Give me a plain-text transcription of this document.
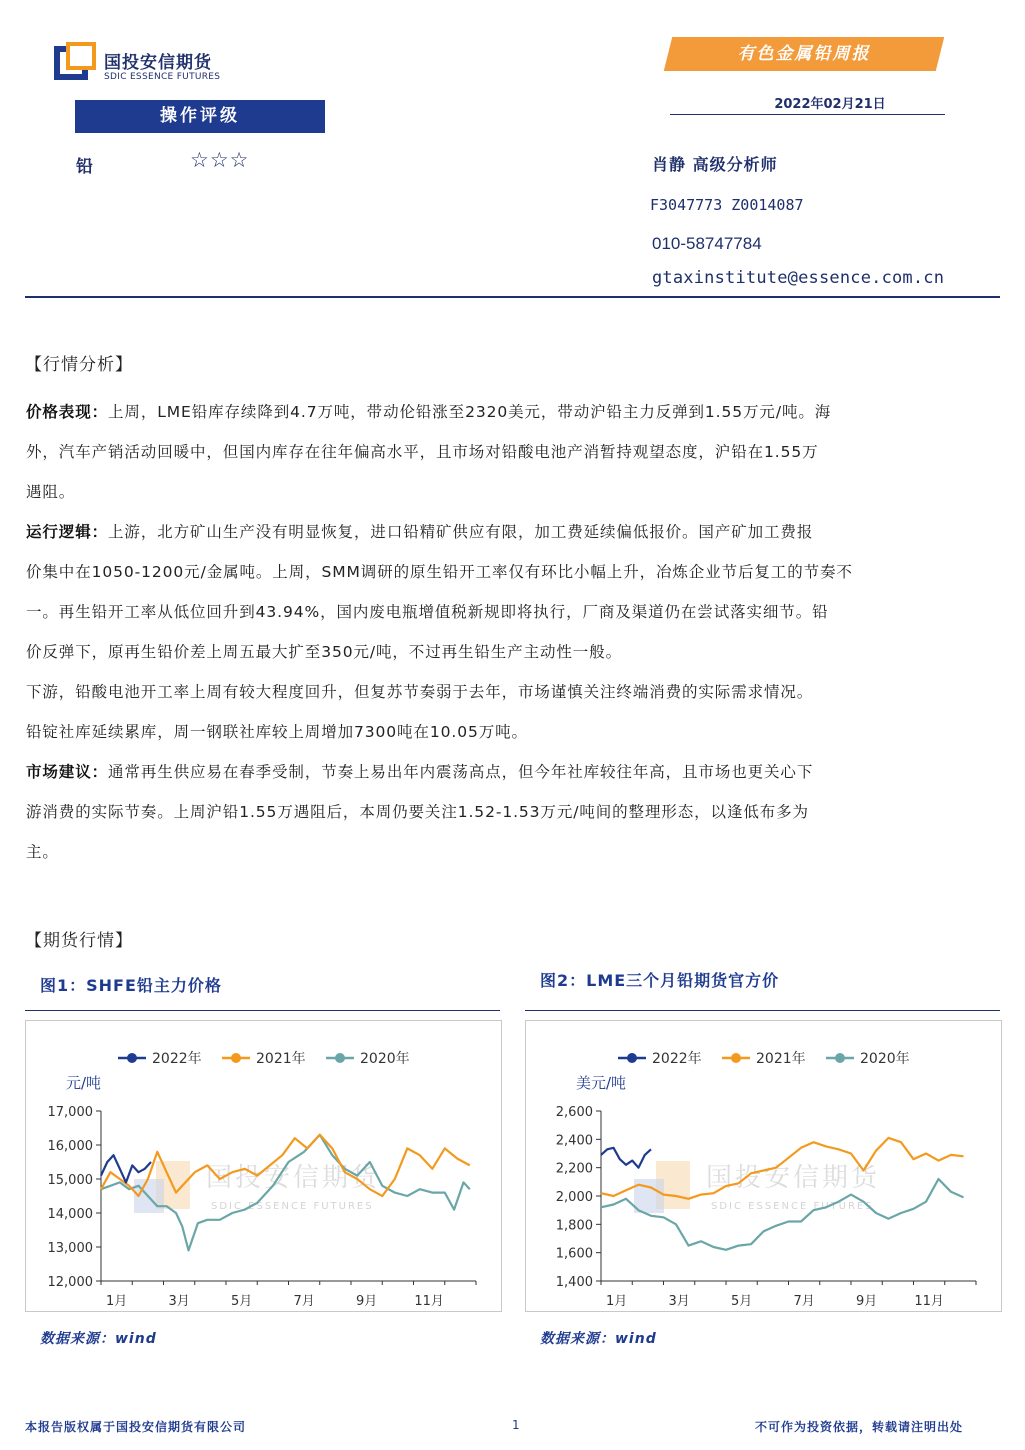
国投安信期货
SDIC ESSENCE FUTURES
有色金属铅周报
2022年02月21日
操作评级
铅	☆☆☆	肖静 高级分析师
F3047773 Z0014087
010-58747784
gtaxinstitute@essence.com.cn
【行情分析】
价格表现：上周，LME铅库存续降到4.7万吨，带动伦铅涨至2320美元，带动沪铅主力反弹到1.55万元/吨。海
外，汽车产销活动回暖中，但国内库存在往年偏高水平，且市场对铅酸电池产消暂持观望态度，沪铅在1.55万
遇阻。
运行逻辑：上游，北方矿山生产没有明显恢复，进口铅精矿供应有限，加工费延续偏低报价。国产矿加工费报
价集中在1050-1200元/金属吨。上周，SMM调研的原生铅开工率仅有环比小幅上升，冶炼企业节后复工的节奏不
一。再生铅开工率从低位回升到43.94%，国内废电瓶增值税新规即将执行，厂商及渠道仍在尝试落实细节。铅
价反弹下，原再生铅价差上周五最大扩至350元/吨，不过再生铅生产主动性一般。
下游，铅酸电池开工率上周有较大程度回升，但复苏节奏弱于去年，市场谨慎关注终端消费的实际需求情况。
铅锭社库延续累库，周一钢联社库较上周增加7300吨在10.05万吨。
市场建议：通常再生供应易在春季受制，节奏上易出年内震荡高点，但今年社库较往年高，且市场也更关心下
游消费的实际节奏。上周沪铅1.55万遇阻后，本周仍要关注1.52-1.53万元/吨间的整理形态，以逢低布多为
主。
【期货行情】
图1：SHFE铅主力价格
国投安信期货
SDIC ESSENCE FUTURES
2022年	2021年	2020年
元/吨
12,000
13,000
14,000
15,000
16,000
17,000
1月	3月	5月	7月	9月	11月
数据来源：wind
图2：LME三个月铅期货官方价
国投安信期货
SDIC ESSENCE FUTURES
2022年	2021年	2020年
美元/吨
1,400
1,600
1,800
2,000
2,200
2,400
2,600
1月	3月	5月	7月	9月	11月
数据来源：wind
本报告版权属于国投安信期货有限公司	1	不可作为投资依据，转载请注明出处
